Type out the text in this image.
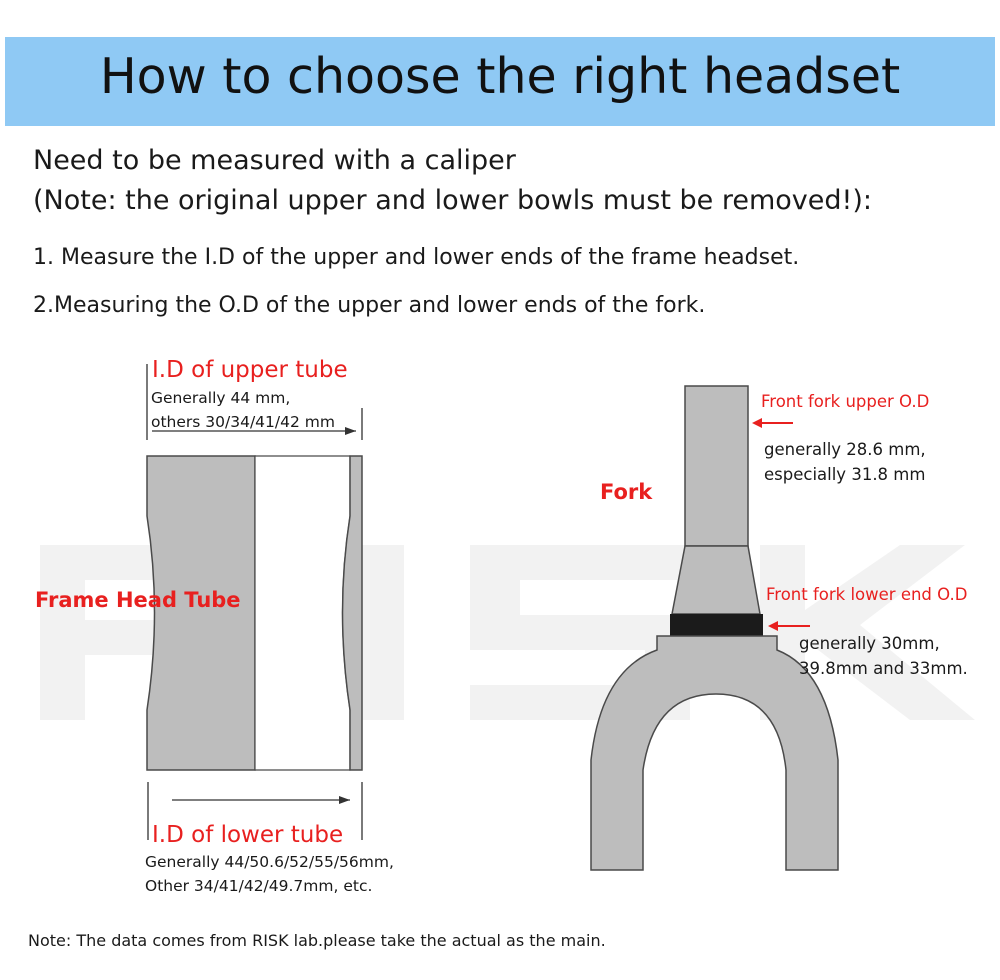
How to choose the right headset
Need to be measured with a caliper
(Note: the original upper and lower bowls must be removed!):
1. Measure the I.D of the upper and lower ends of the frame headset.
2.Measuring the O.D of the upper and lower ends of the fork.
I.D of upper tube
Generally 44 mm,
others 30/34/41/42 mm
Frame Head Tube
I.D of lower tube
Generally 44/50.6/52/55/56mm,
Other 34/41/42/49.7mm, etc.
Fork
Front fork upper O.D
generally 28.6 mm,
especially 31.8 mm
Front fork lower end O.D
generally 30mm,
39.8mm and 33mm.
Note: The data comes from RISK lab.please take the actual as the main.
